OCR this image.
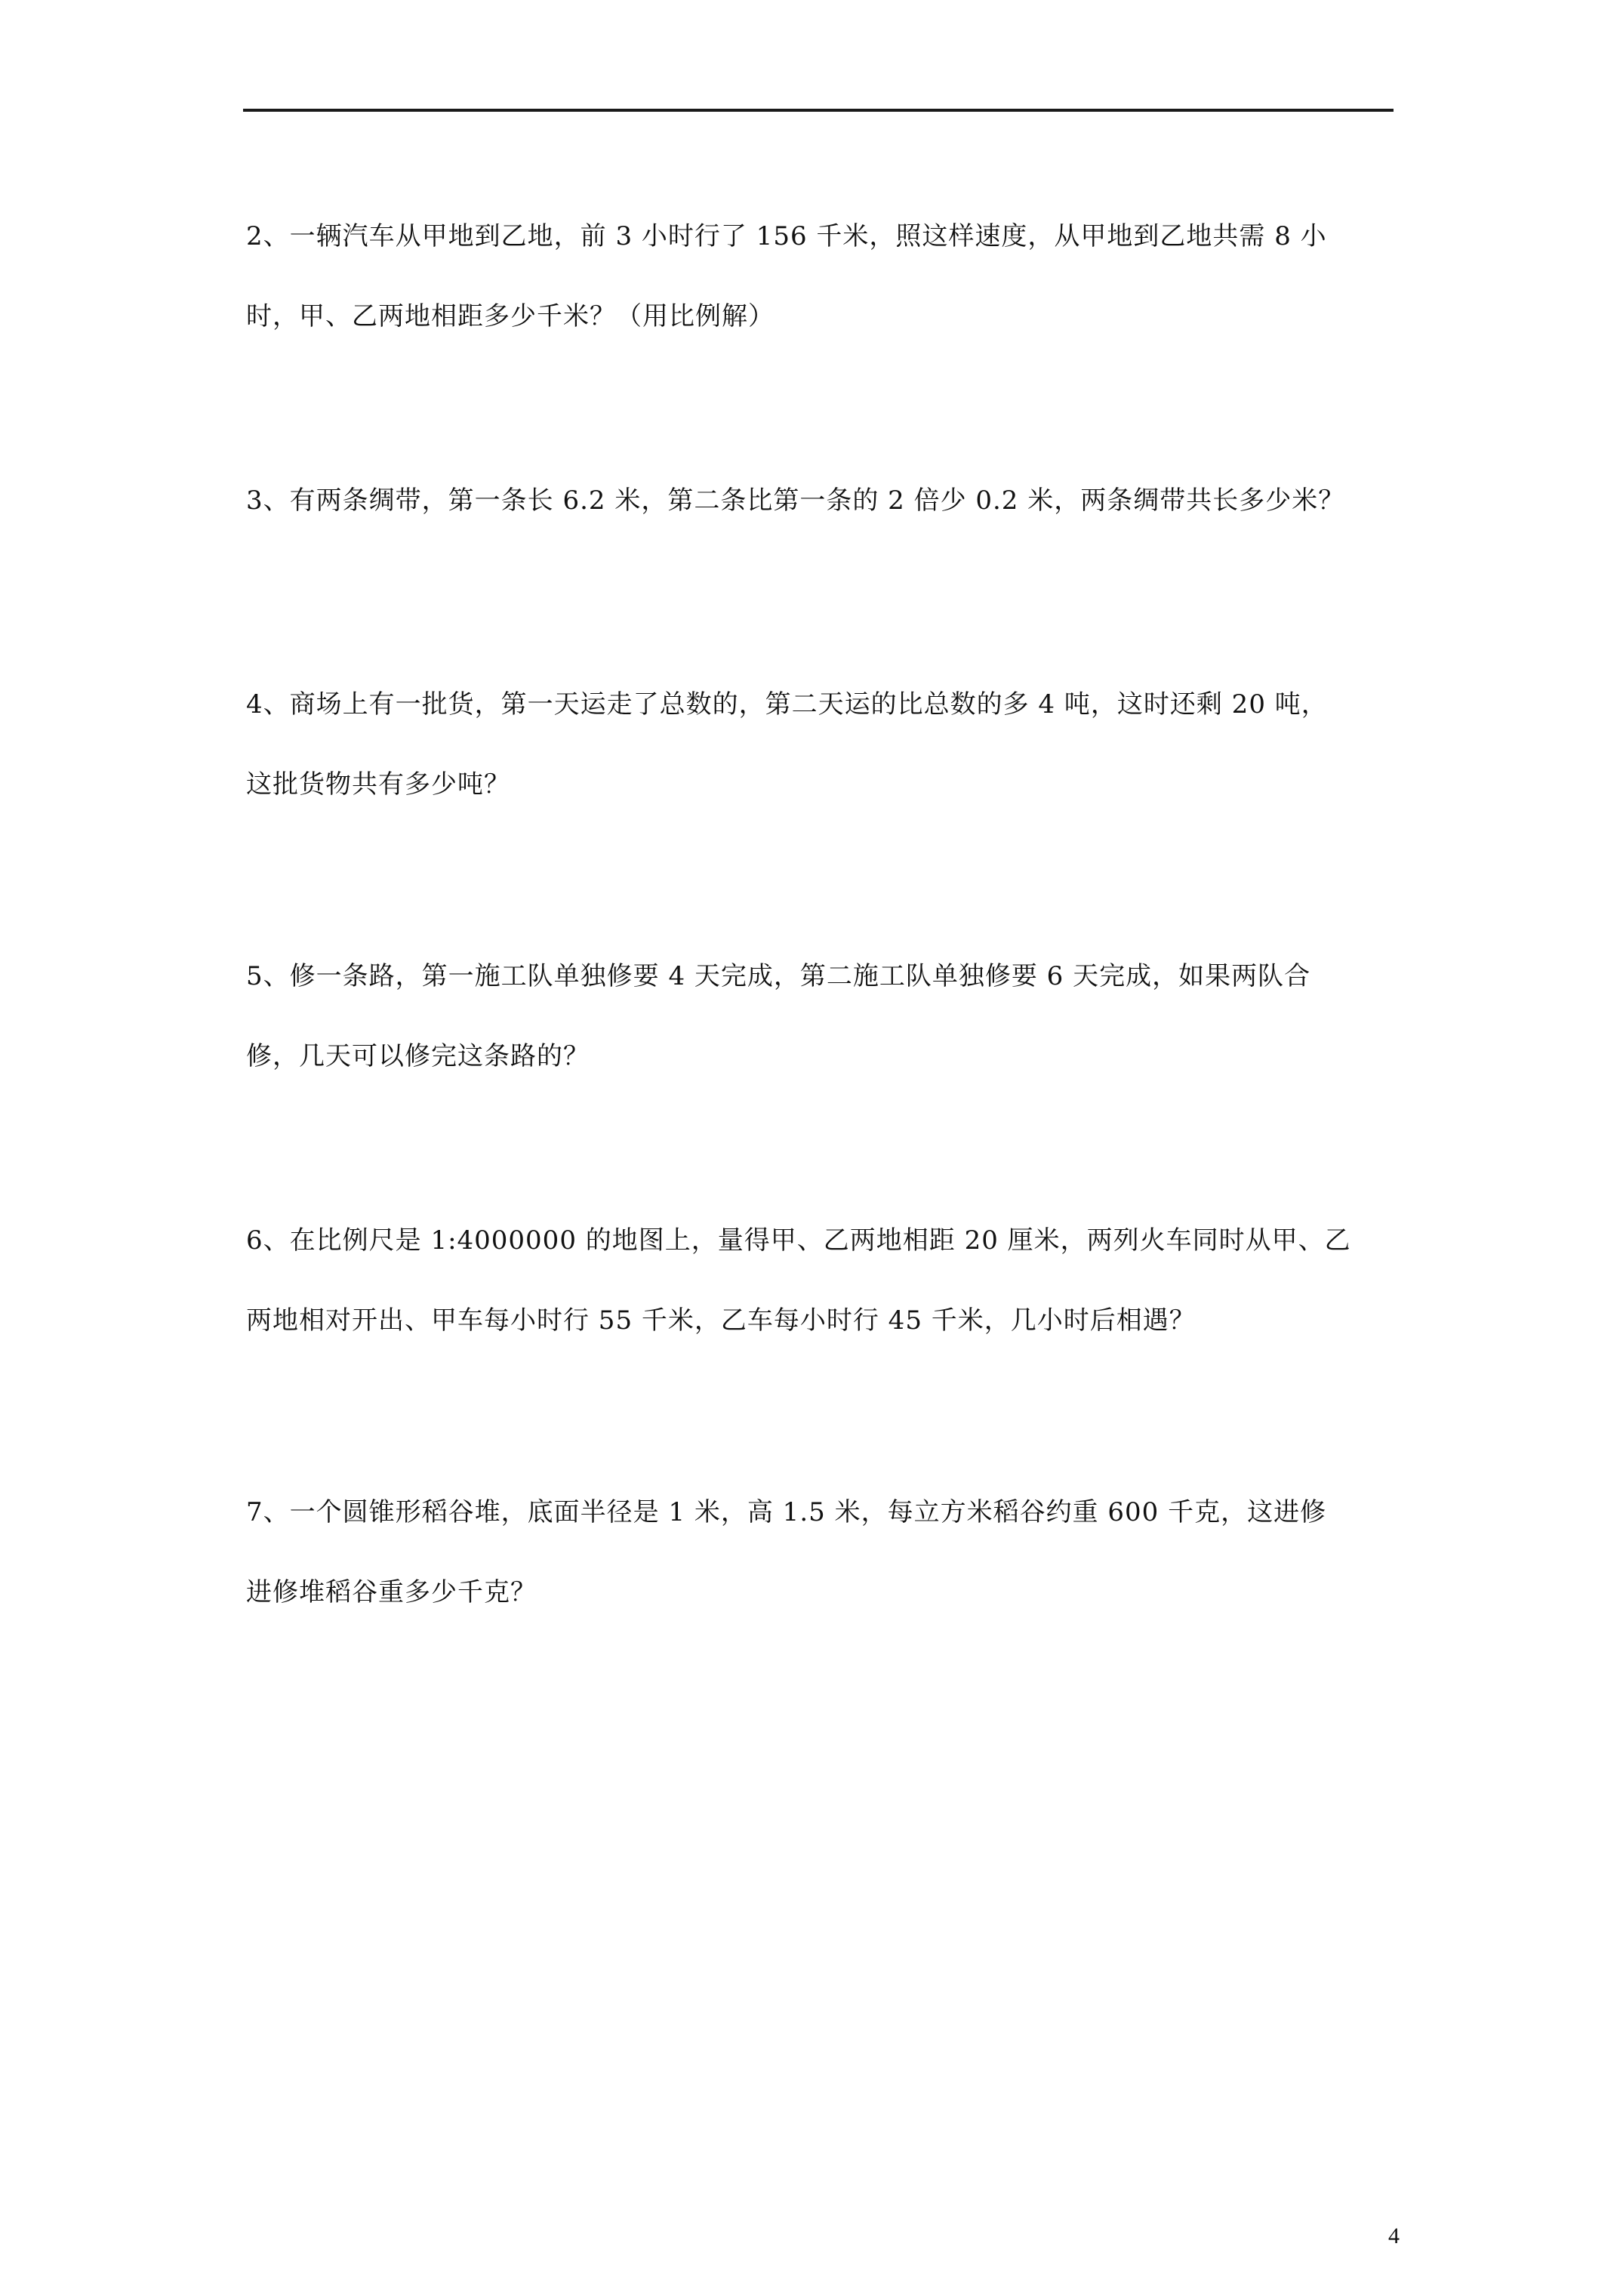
2、一辆汽车从甲地到乙地，前 3 小时行了 156 千米，照这样速度，从甲地到乙地共需 8 小
时，甲、乙两地相距多少千米？（用比例解）
3、有两条绸带，第一条长 6.2 米，第二条比第一条的 2 倍少 0.2 米，两条绸带共长多少米？
4、商场上有一批货，第一天运走了总数的，第二天运的比总数的多 4 吨，这时还剩 20 吨，
这批货物共有多少吨？
5、修一条路，第一施工队单独修要 4 天完成，第二施工队单独修要 6 天完成，如果两队合
修，几天可以修完这条路的？
6、在比例尺是 1:4000000 的地图上，量得甲、乙两地相距 20 厘米，两列火车同时从甲、乙
两地相对开出、甲车每小时行 55 千米，乙车每小时行 45 千米，几小时后相遇？
7、一个圆锥形稻谷堆，底面半径是 1 米，高 1.5 米，每立方米稻谷约重 600 千克，这进修
进修堆稻谷重多少千克？
4
